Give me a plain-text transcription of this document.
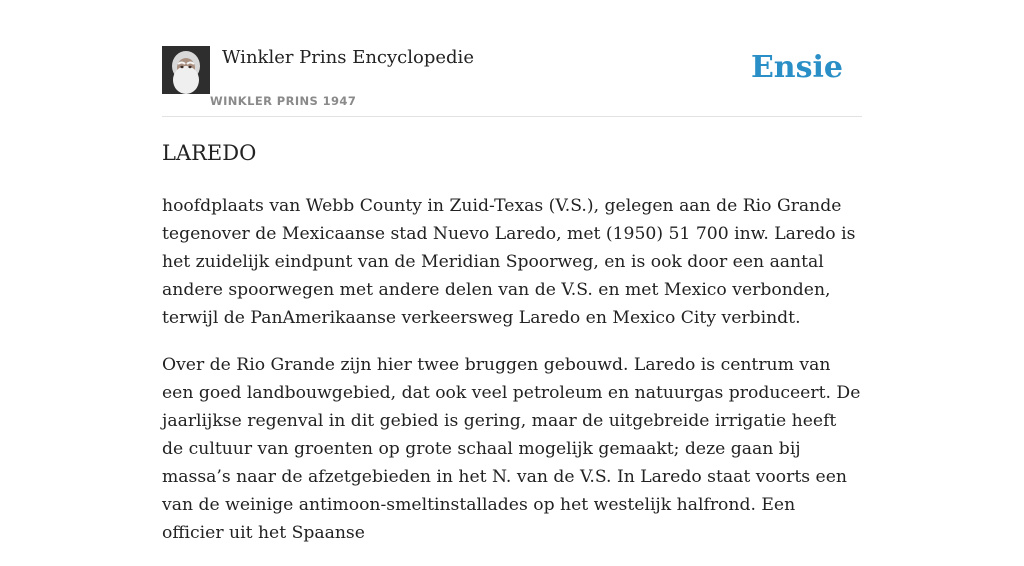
Winkler Prins Encyclopedie
WINKLER PRINS 1947
Ensie
LAREDO

hoofdplaats van Webb County in Zuid-Texas (V.S.), gelegen aan de Rio Grande tegenover de Mexicaanse stad Nuevo Laredo, met (1950) 51 700 inw. Laredo is het zuidelijk eindpunt van de Meridian Spoorweg, en is ook door een aantal andere spoorwegen met andere delen van de V.S. en met Mexico verbonden, terwijl de PanAmerikaanse verkeersweg Laredo en Mexico City verbindt.

Over de Rio Grande zijn hier twee bruggen gebouwd. Laredo is centrum van een goed landbouwgebied, dat ook veel petroleum en natuurgas produceert. De jaarlijkse regenval in dit gebied is gering, maar de uitgebreide irrigatie heeft de cultuur van groenten op grote schaal mogelijk gemaakt; deze gaan bij massa’s naar de afzetgebieden in het N. van de V.S. In Laredo staat voorts een van de weinige antimoon-smeltinstallades op het westelijk halfrond. Een officier uit het Spaanse
